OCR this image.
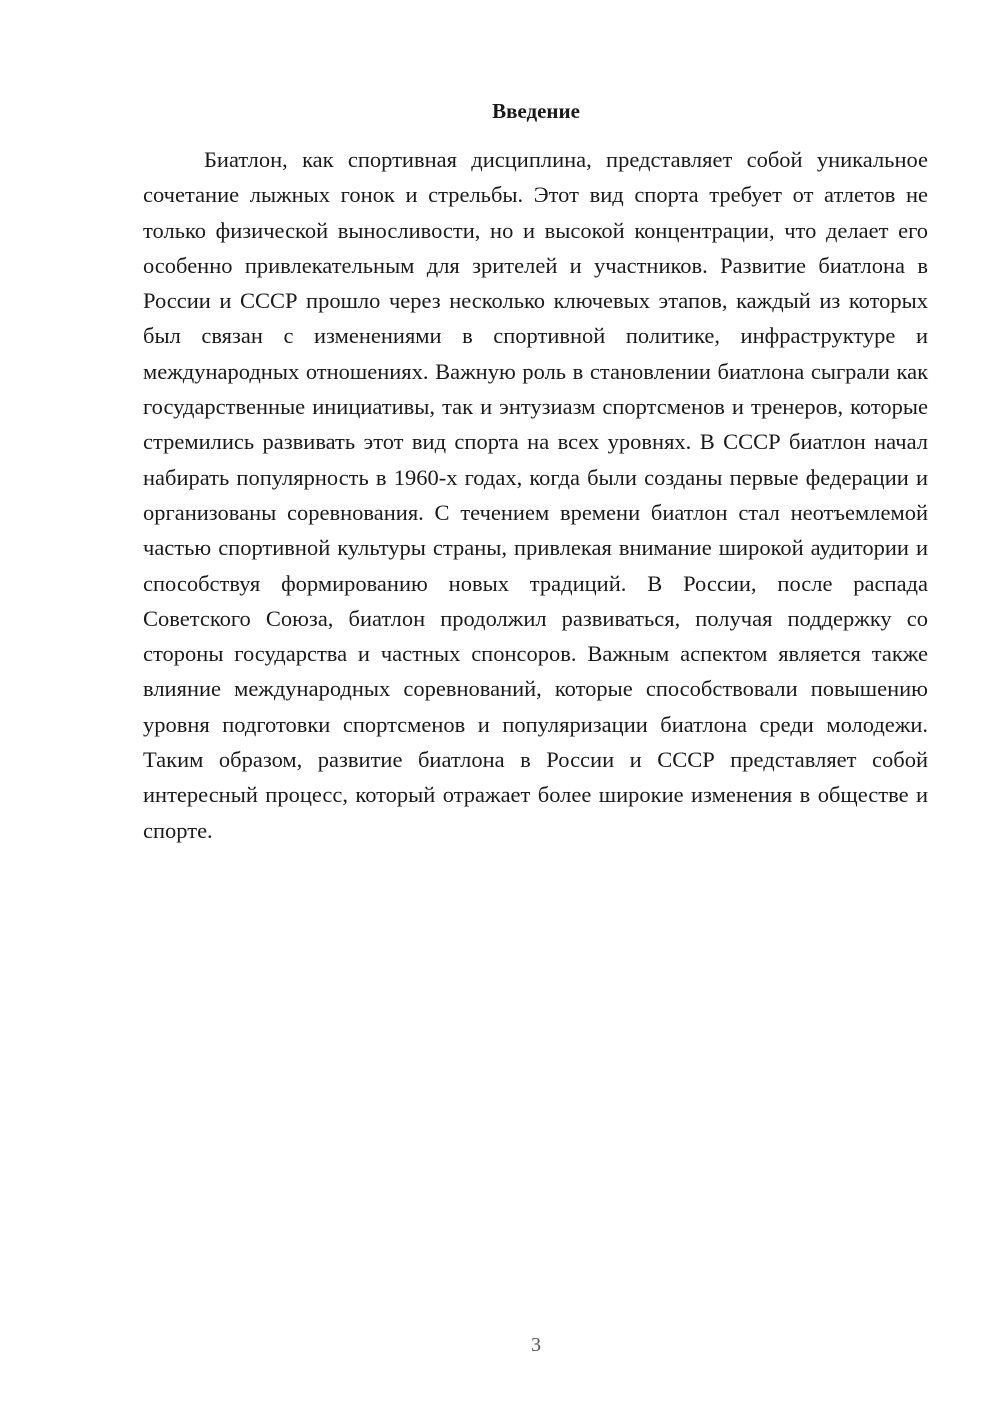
Введение

Биатлон, как спортивная дисциплина, представляет собой уникальное сочетание лыжных гонок и стрельбы. Этот вид спорта требует от атлетов не только физической выносливости, но и высокой концентрации, что делает его особенно привлекательным для зрителей и участников. Развитие биатлона в России и СССР прошло через несколько ключевых этапов, каждый из которых был связан с изменениями в спортивной политике, инфраструктуре и международных отношениях. Важную роль в становлении биатлона сыграли как государственные инициативы, так и энтузиазм спортсменов и тренеров, которые стремились развивать этот вид спорта на всех уровнях. В СССР биатлон начал набирать популярность в 1960-х годах, когда были созданы первые федерации и организованы соревнования. С течением времени биатлон стал неотъемлемой частью спортивной культуры страны, привлекая внимание широкой аудитории и способствуя формированию новых традиций. В России, после распада Советского Союза, биатлон продолжил развиваться, получая поддержку со стороны государства и частных спонсоров. Важным аспектом является также влияние международных соревнований, которые способствовали повышению уровня подготовки спортсменов и популяризации биатлона среди молодежи. Таким образом, развитие биатлона в России и СССР представляет собой интересный процесс, который отражает более широкие изменения в обществе и спорте.

3
